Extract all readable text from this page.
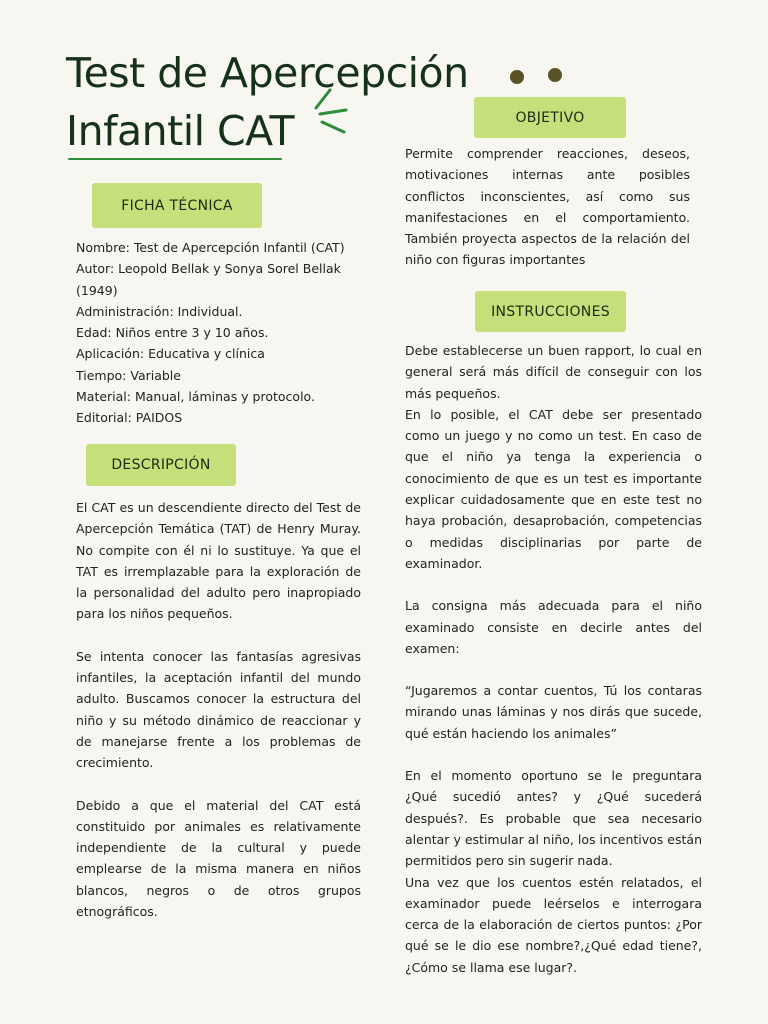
Test de Apercepción
Infantil CAT
FICHA TÉCNICA

Nombre: Test de Apercepción Infantil (CAT)

Autor: Leopold Bellak y Sonya Sorel Bellak (1949)

Administración: Individual.

Edad: Niños entre 3 y 10 años.

Aplicación: Educativa y clínica

Tiempo: Variable

Material: Manual, láminas y protocolo.

Editorial: PAIDOS

DESCRIPCIÓN

El CAT es un descendiente directo del Test de Apercepción Temática (TAT) de Henry Muray. No compite con él ni lo sustituye. Ya que el TAT es irremplazable para la exploración de la personalidad del adulto pero inapropiado para los niños pequeños.

Se intenta conocer las fantasías agresivas infantiles, la aceptación infantil del mundo adulto. Buscamos conocer la estructura del niño y su método dinámico de reaccionar y de manejarse frente a los problemas de crecimiento.

Debido a que el material del CAT está constituido por animales es relativamente independiente de la cultural y puede emplearse de la misma manera en niños blancos, negros o de otros grupos etnográficos.

OBJETIVO

Permite comprender reacciones, deseos, motivaciones internas ante posibles conflictos inconscientes, así como sus manifestaciones en el comportamiento. También proyecta aspectos de la relación del niño con figuras importantes

INSTRUCCIONES

Debe establecerse un buen rapport, lo cual en general será más difícil de conseguir con los más pequeños.

En lo posible, el CAT debe ser presentado como un juego y no como un test. En caso de que el niño ya tenga la experiencia o conocimiento de que es un test es importante explicar cuidadosamente que en este test no haya probación, desaprobación, competencias o medidas disciplinarias por parte de examinador.

La consigna más adecuada para el niño examinado consiste en decirle antes del examen:

“Jugaremos a contar cuentos, Tú los contaras mirando unas láminas y nos dirás que sucede, qué están haciendo los animales”

En el momento oportuno se le preguntara ¿Qué sucedió antes? y ¿Qué sucederá después?. Es probable que sea necesario alentar y estimular al niño, los incentivos están permitidos pero sin sugerir nada.

Una vez que los cuentos estén relatados, el examinador puede leérselos e interrogara cerca de la elaboración de ciertos puntos: ¿Por qué se le dio ese nombre?,¿Qué edad tiene?, ¿Cómo se llama ese lugar?.
